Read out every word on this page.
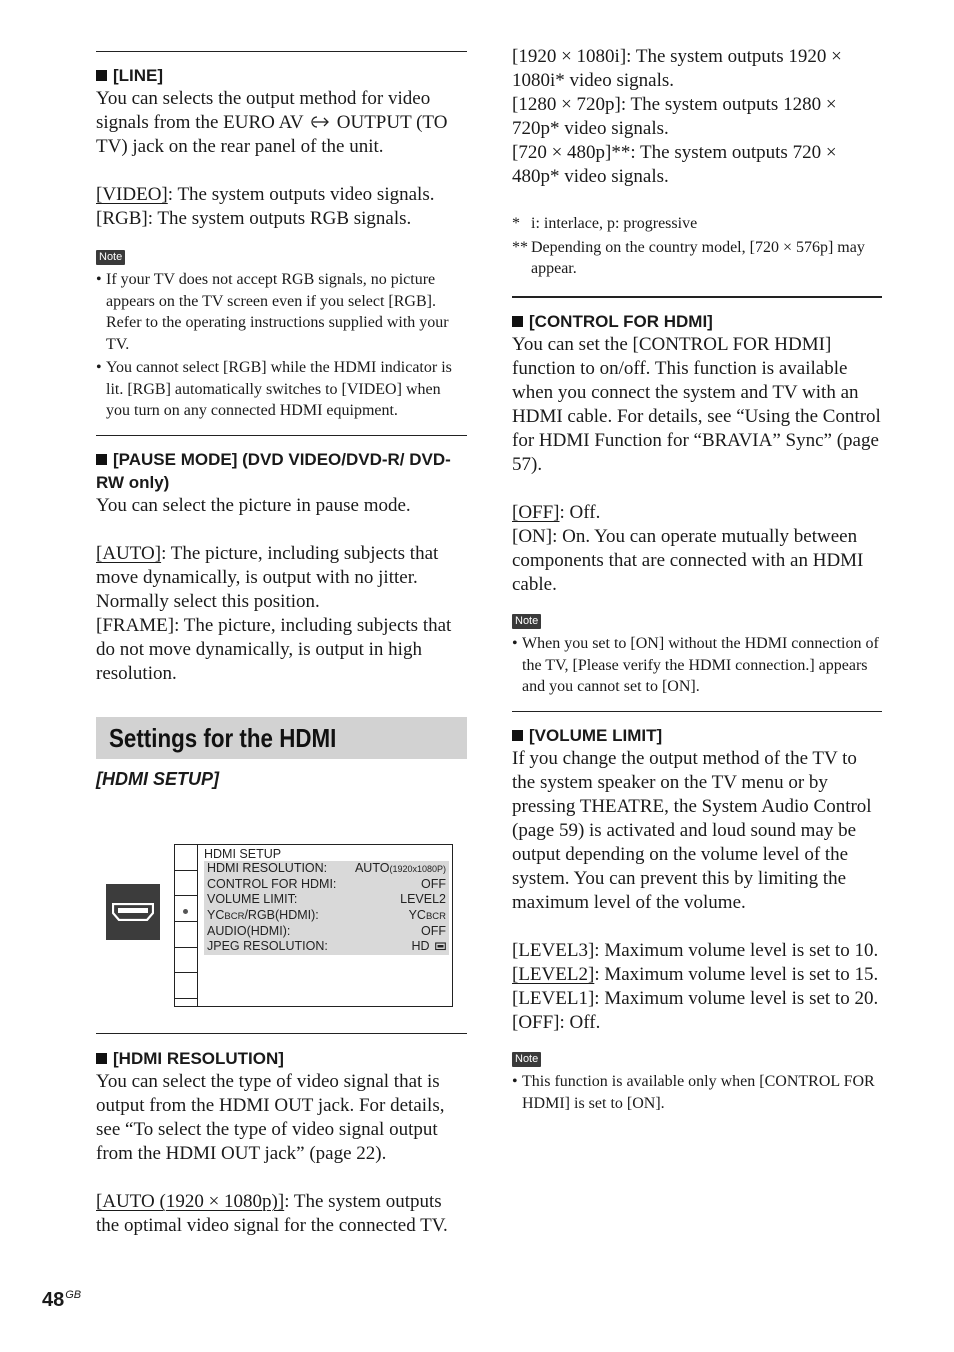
[LINE]

You can selects the output method for video signals from the EURO AV OUTPUT (TO TV) jack on the rear panel of the unit.

[VIDEO]: The system outputs video signals.

[RGB]: The system outputs RGB signals.

Note
• If your TV does not accept RGB signals, no picture appears on the TV screen even if you select [RGB]. Refer to the operating instructions supplied with your TV.
• You cannot select [RGB] while the HDMI indicator is lit. [RGB] automatically switches to [VIDEO] when you turn on any connected HDMI equipment.

[PAUSE MODE] (DVD VIDEO/DVD-R/ DVD-RW only)

You can select the picture in pause mode.

[AUTO]: The picture, including subjects that move dynamically, is output with no jitter. Normally select this position.

[FRAME]: The picture, including subjects that do not move dynamically, is output in high resolution.

Settings for the HDMI
[HDMI SETUP]
HDMI SETUP
HDMI RESOLUTION: AUTO(1920x1080P)
CONTROL FOR HDMI:	OFF
VOLUME LIMIT:	LEVEL2
YCBCR/RGB(HDMI):	YCBCR
AUDIO(HDMI):	OFF
JPEG RESOLUTION:	HD

[HDMI RESOLUTION]

You can select the type of video signal that is output from the HDMI OUT jack. For details, see “To select the type of video signal output from the HDMI OUT jack” (page 22).

[AUTO (1920 × 1080p)]: The system outputs the optimal video signal for the connected TV.

[1920 × 1080i]: The system outputs 1920 × 1080i* video signals.

[1280 × 720p]: The system outputs 1280 × 720p* video signals.

[720 × 480p]**: The system outputs 720 × 480p* video signals.

* i: interlace, p: progressive
** Depending on the country model, [720 × 576p] may appear.

[CONTROL FOR HDMI]

You can set the [CONTROL FOR HDMI] function to on/off. This function is available when you connect the system and TV with an HDMI cable. For details, see “Using the Control for HDMI Function for “BRAVIA” Sync” (page 57).

[OFF]: Off.

[ON]: On. You can operate mutually between components that are connected with an HDMI cable.

Note
• When you set to [ON] without the HDMI connection of the TV, [Please verify the HDMI connection.] appears and you cannot set to [ON].

[VOLUME LIMIT]

If you change the output method of the TV to the system speaker on the TV menu or by pressing THEATRE, the System Audio Control (page 59) is activated and loud sound may be output depending on the volume level of the system. You can prevent this by limiting the maximum level of the volume.

[LEVEL3]: Maximum volume level is set to 10.

[LEVEL2]: Maximum volume level is set to 15.

[LEVEL1]: Maximum volume level is set to 20.

[OFF]: Off.

Note
• This function is available only when [CONTROL FOR HDMI] is set to [ON].
$48^{GB}$
